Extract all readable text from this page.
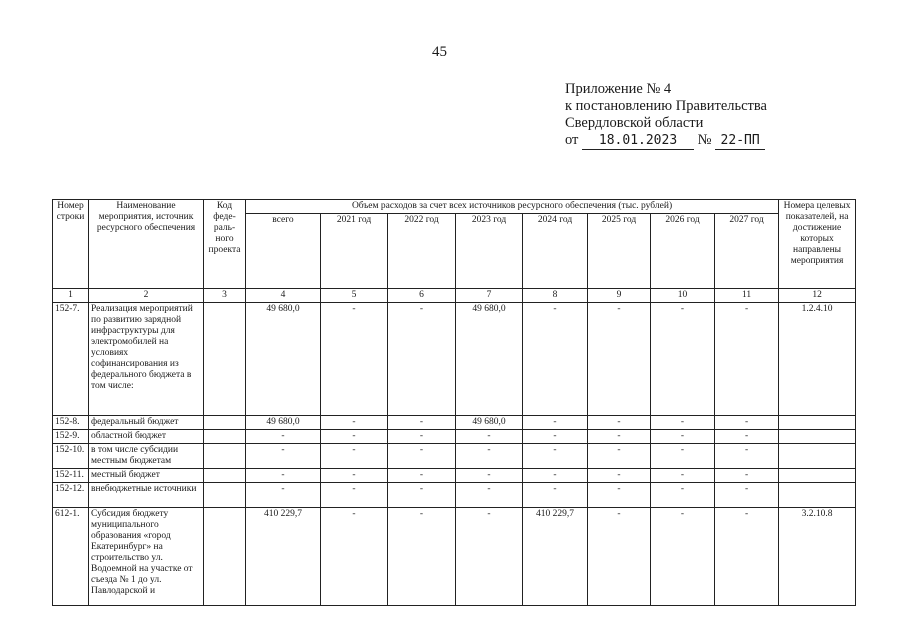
45
Приложение № 4
к постановлению Правительства
Свердловской области
от 18.01.2023 № 22-ПП
Номер строки	Наименование мероприятия, источник ресурсного обеспечения	Код феде-раль-ного проекта	Объем расходов за счет всех источников ресурсного обеспечения (тыс. рублей)								Номера целевых показателей, на достижение которых направлены мероприятия
			всего	2021 год	2022 год	2023 год	2024 год	2025 год	2026 год	2027 год	
1	2	3	4	5	6	7	8	9	10	11	12
152-7.	Реализация мероприятий по развитию зарядной инфраструктуры для электромобилей на условиях софинансирования из федерального бюджета в том числе:		49 680,0	-	-	49 680,0	-	-	-	-	1.2.4.10
152-8.	федеральный бюджет		49 680,0	-	-	49 680,0	-	-	-	-	
152-9.	областной бюджет		-	-	-	-	-	-	-	-	
152-10.	в том числе субсидии местным бюджетам		-	-	-	-	-	-	-	-	
152-11.	местный бюджет		-	-	-	-	-	-	-	-	
152-12.	внебюджетные источники		-	-	-	-	-	-	-	-	
612-1.	Субсидия бюджету муниципального образования «город Екатеринбург» на строительство ул. Водоемной на участке от съезда № 1 до ул. Павлодарской и		410 229,7	-	-	-	410 229,7	-	-	-	3.2.10.8
